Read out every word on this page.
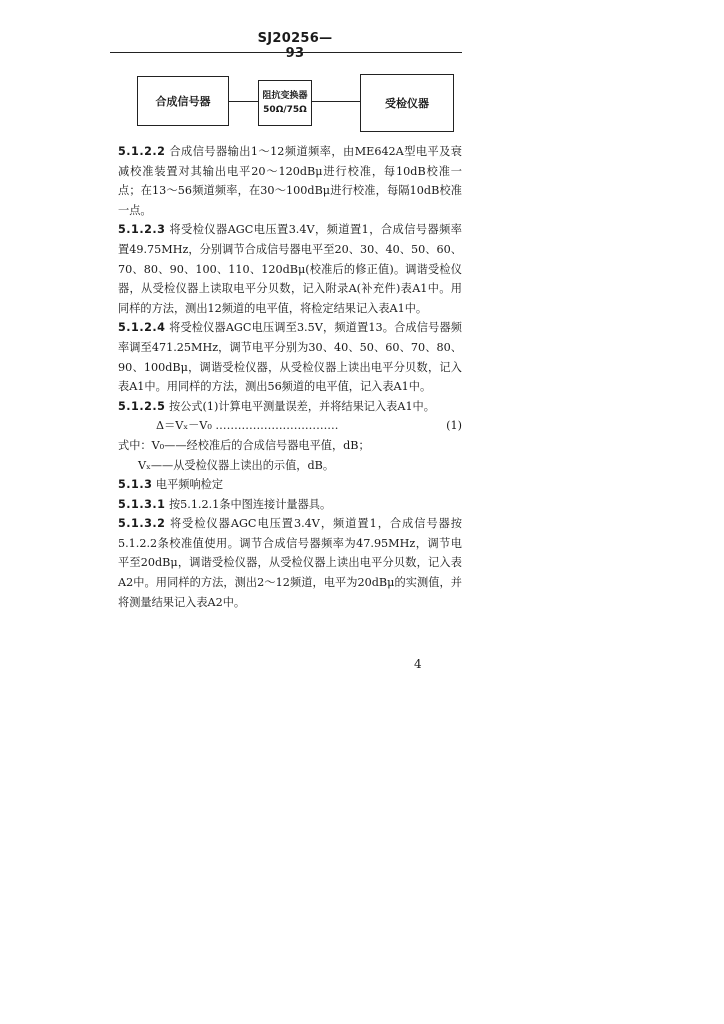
SJ20256—93
合成信号器	阻抗变换器
50Ω/75Ω	受检仪器

5.1.2.2 合成信号器输出1～12频道频率，由ME642A型电平及衰减校准装置对其输出电平20～120dBμ进行校准，每10dB校准一点；在13～56频道频率，在30～100dBμ进行校准，每隔10dB校准一点。

5.1.2.3 将受检仪器AGC电压置3.4V，频道置1，合成信号器频率置49.75MHz，分别调节合成信号器电平至20、30、40、50、60、70、80、90、100、110、120dBμ(校准后的修正值)。调谐受检仪器，从受检仪器上读取电平分贝数，记入附录A(补充件)表A1中。用同样的方法，测出12频道的电平值，将检定结果记入表A1中。

5.1.2.4 将受检仪器AGC电压调至3.5V，频道置13。合成信号器频率调至471.25MHz，调节电平分别为30、40、50、60、70、80、90、100dBμ，调谐受检仪器，从受检仪器上读出电平分贝数，记入表A1中。用同样的方法，测出56频道的电平值，记入表A1中。

5.1.2.5 按公式(1)计算电平测量误差，并将结果记入表A1中。

Δ＝Vₓ－V₀ ……………………………	(1)

式中：V₀——经校准后的合成信号器电平值，dB；

Vₓ——从受检仪器上读出的示值，dB。

5.1.3 电平频响检定

5.1.3.1 按5.1.2.1条中图连接计量器具。

5.1.3.2 将受检仪器AGC电压置3.4V，频道置1，合成信号器按5.1.2.2条校准值使用。调节合成信号器频率为47.95MHz，调节电平至20dBμ，调谐受检仪器，从受检仪器上读出电平分贝数，记入表A2中。用同样的方法，测出2～12频道，电平为20dBμ的实测值，并将测量结果记入表A2中。

4
